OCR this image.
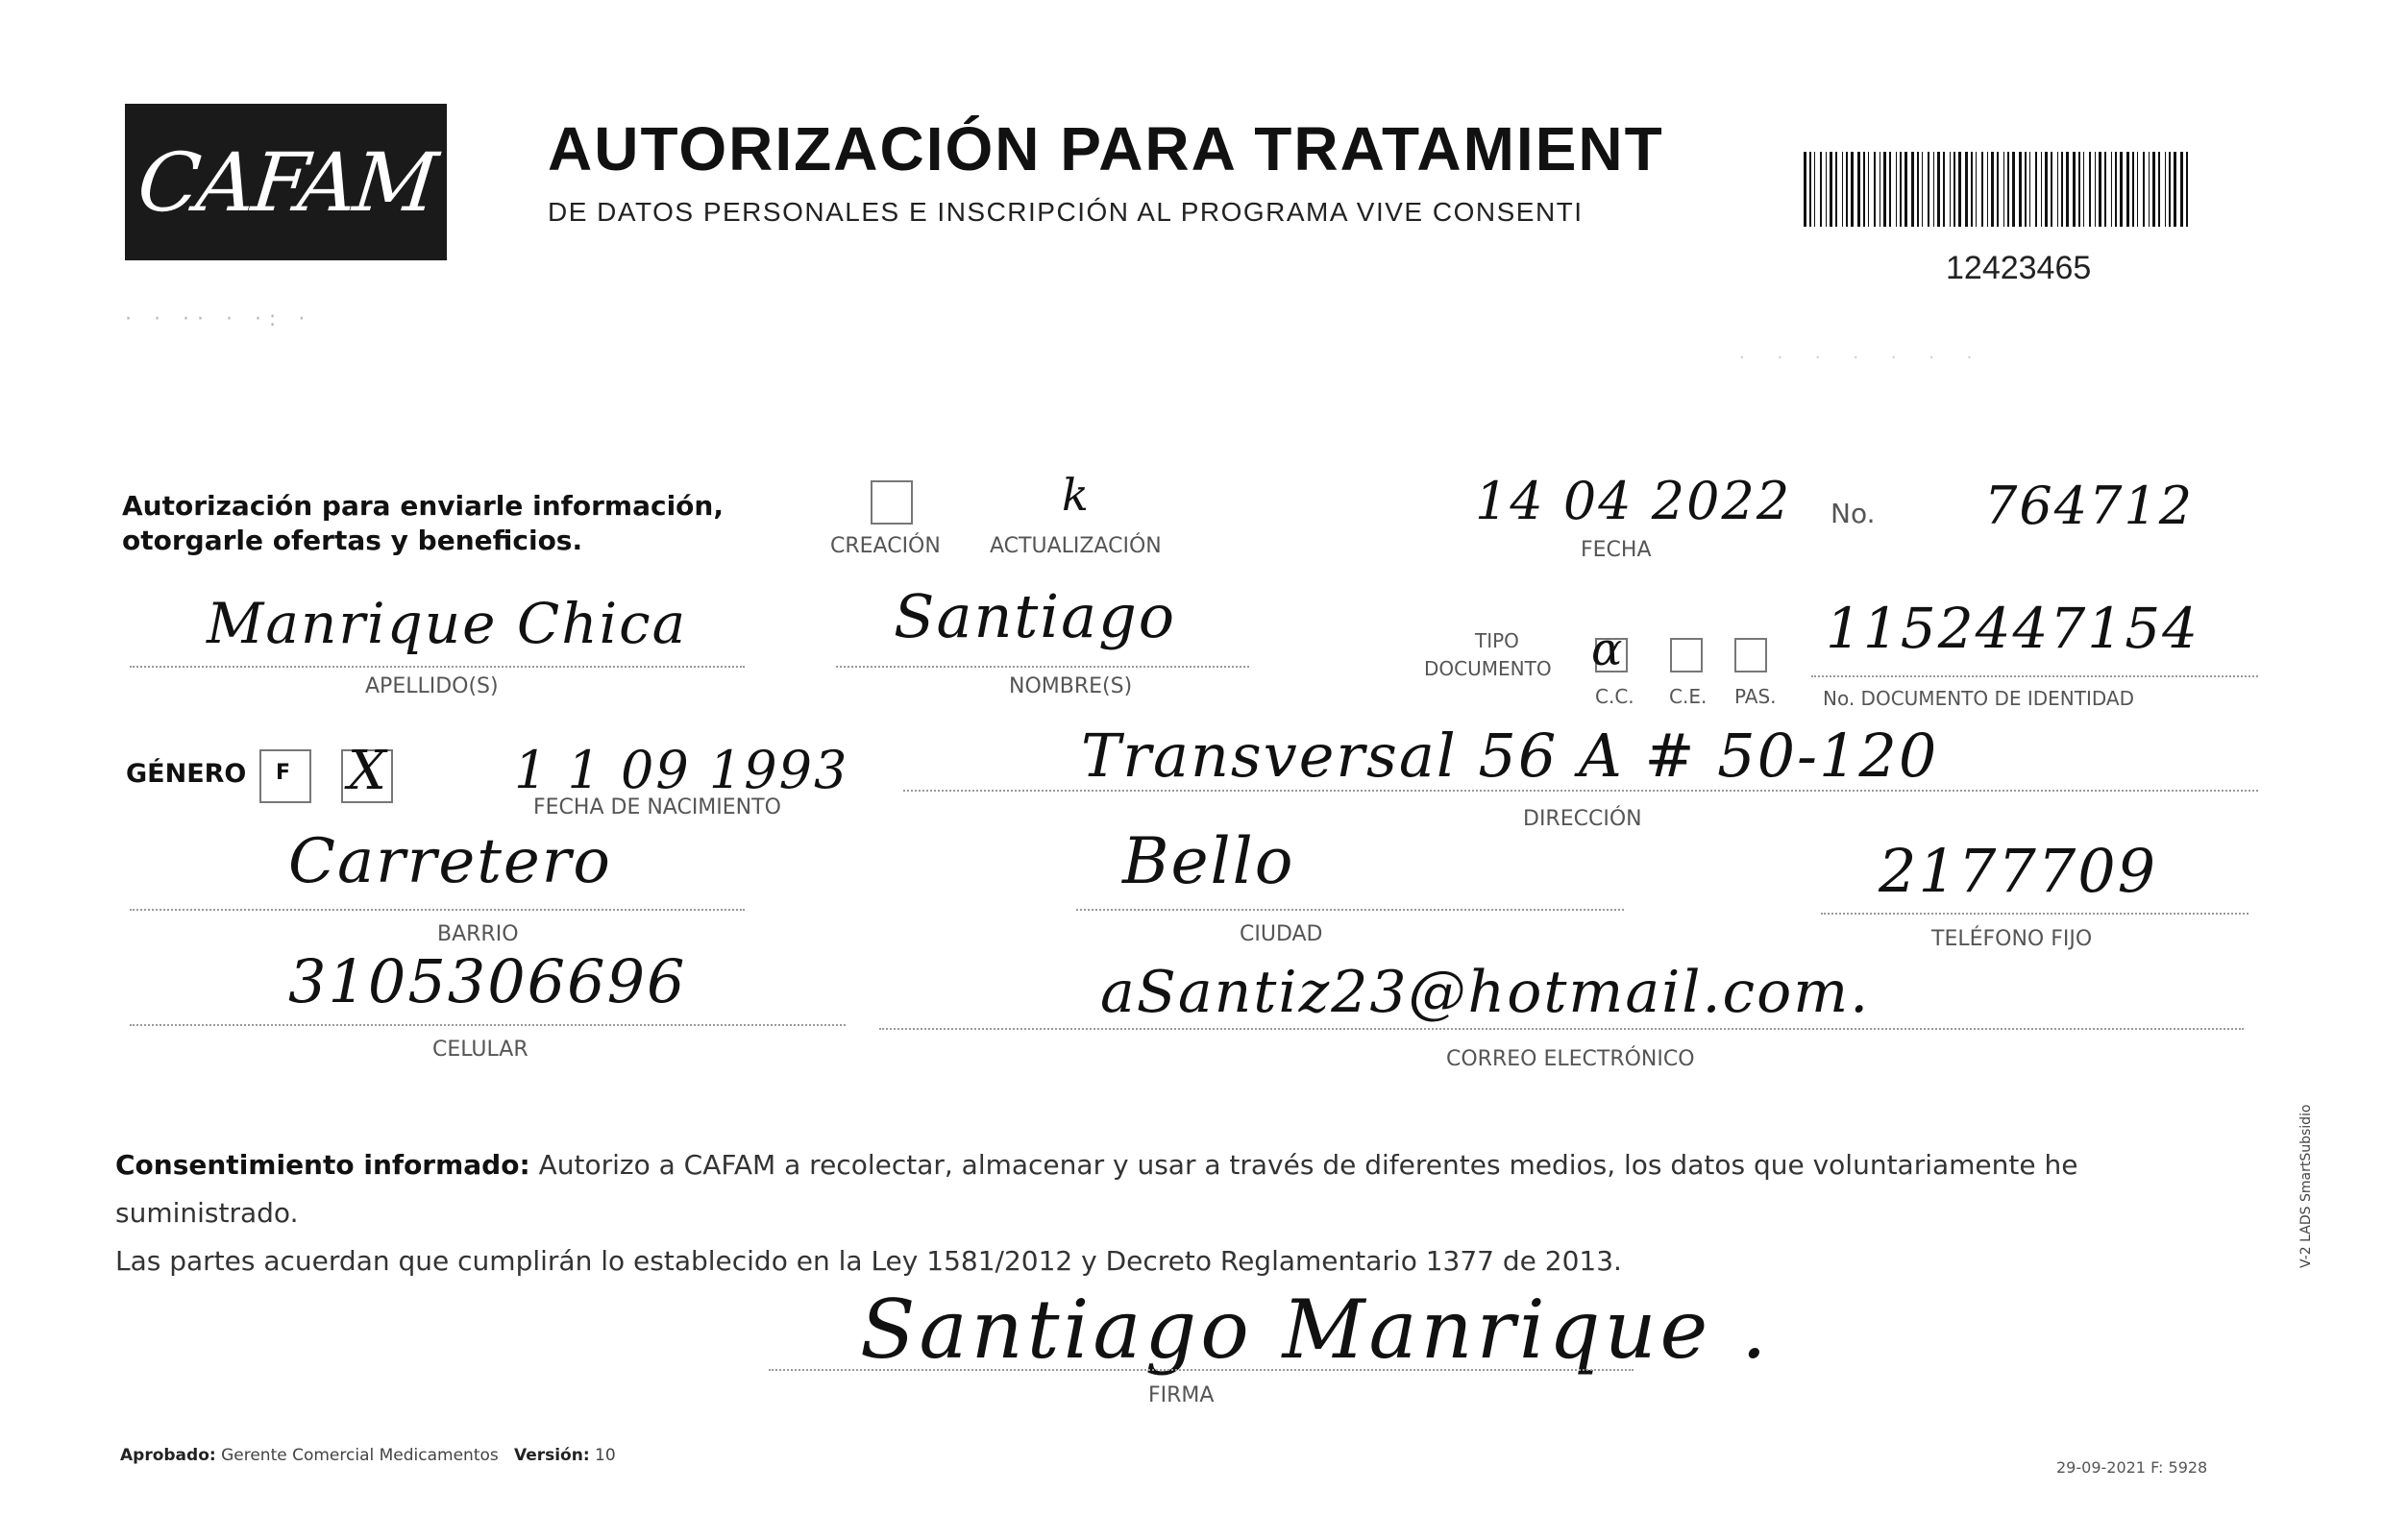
CAFAM AUTORIZACIÓN PARA TRATAMIENT
DE DATOS PERSONALES E INSCRIPCIÓN AL PROGRAMA VIVE CONSENTI
12423465
· · ·· · ·: ·
· · · · · · ·
Autorización para enviarle información,
otorgarle ofertas y beneficios.	CREACIÓN
k
ACTUALIZACIÓN
14 04 2022
FECHA
No. 764712
Manrique Chica
APELLIDO(S)
Santiago
NOMBRE(S)
TIPO
DOCUMENTO α
C.C. C.E. PAS.
1152447154
No. DOCUMENTO DE IDENTIDAD
GÉNERO F X 1 1 09 1993
FECHA DE NACIMIENTO
Transversal 56 A # 50-120
DIRECCIÓN
Carretero
BARRIO
Bello
CIUDAD
2177709
TELÉFONO FIJO
3105306696
CELULAR
aSantiz23@hotmail.com.
CORREO ELECTRÓNICO
Consentimiento informado: Autorizo a CAFAM a recolectar, almacenar y usar a través de diferentes medios, los datos que voluntariamente he suministrado.
Las partes acuerdan que cumplirán lo establecido en la Ley 1581/2012 y Decreto Reglamentario 1377 de 2013.
Santiago Manrique .
FIRMA
Aprobado: Gerente Comercial Medicamentos Versión: 10
29-09-2021 F: 5928
V-2 LADS SmartSubsidio
